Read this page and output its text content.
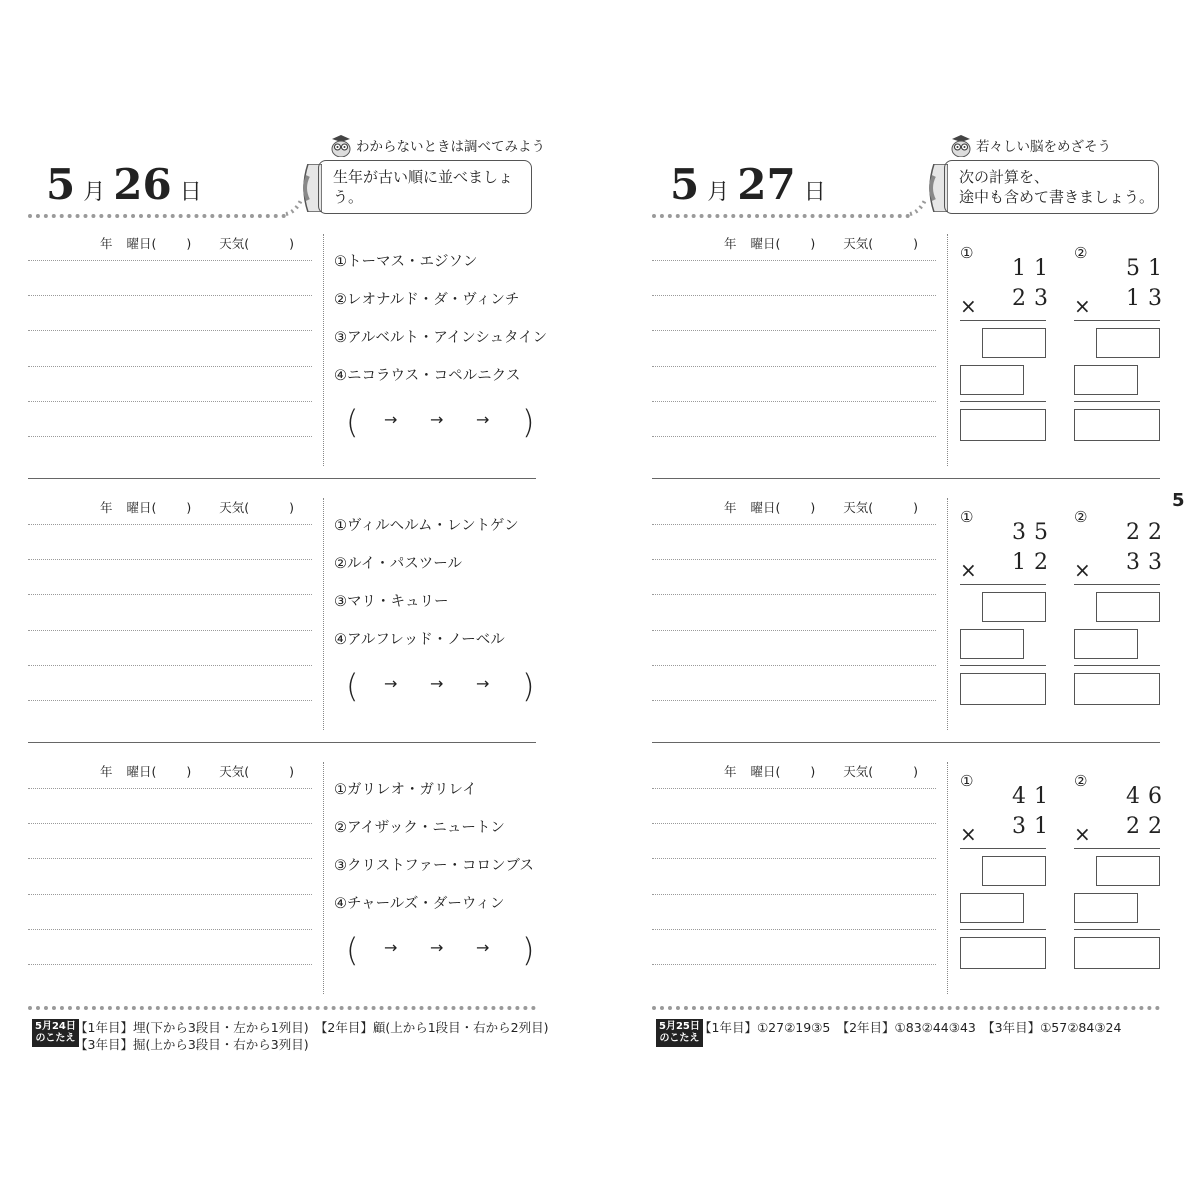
5 月 26 日
わからないときは調べてみよう
生年が古い順に並べましょう。
年 曜日( ) 天気(	)
①トーマス・エジソン
②レオナルド・ダ・ヴィンチ
③アルベルト・アインシュタイン
④ニコラウス・コペルニクス
( → → → )
年 曜日( ) 天気(	)
①ヴィルヘルム・レントゲン
②ルイ・パスツール
③マリ・キュリー
④アルフレッド・ノーベル
( → → → )
年 曜日( ) 天気(	)
①ガリレオ・ガリレイ
②アイザック・ニュートン
③クリストファー・コロンブス
④チャールズ・ダーウィン
( → → → )
5月24日
のこたえ
【1年目】埋(下から3段目・左から1列目)　【2年目】顧(上から1段目・右から2列目)
【3年目】掘(上から3段目・右から3列目)
5 月 27 日
若々しい脳をめざそう
次の計算を、
途中も含めて書きましょう。
5
年 曜日( ) 天気(	)
①
11
× 23
②
51
× 13
年 曜日( ) 天気(	)
①
35
× 12
②
22
× 33
年 曜日( ) 天気(	)
①
41
× 31
②
46
× 22
5月25日
のこたえ
【1年目】①27②19③5　【2年目】①83②44③43　【3年目】①57②84③24
